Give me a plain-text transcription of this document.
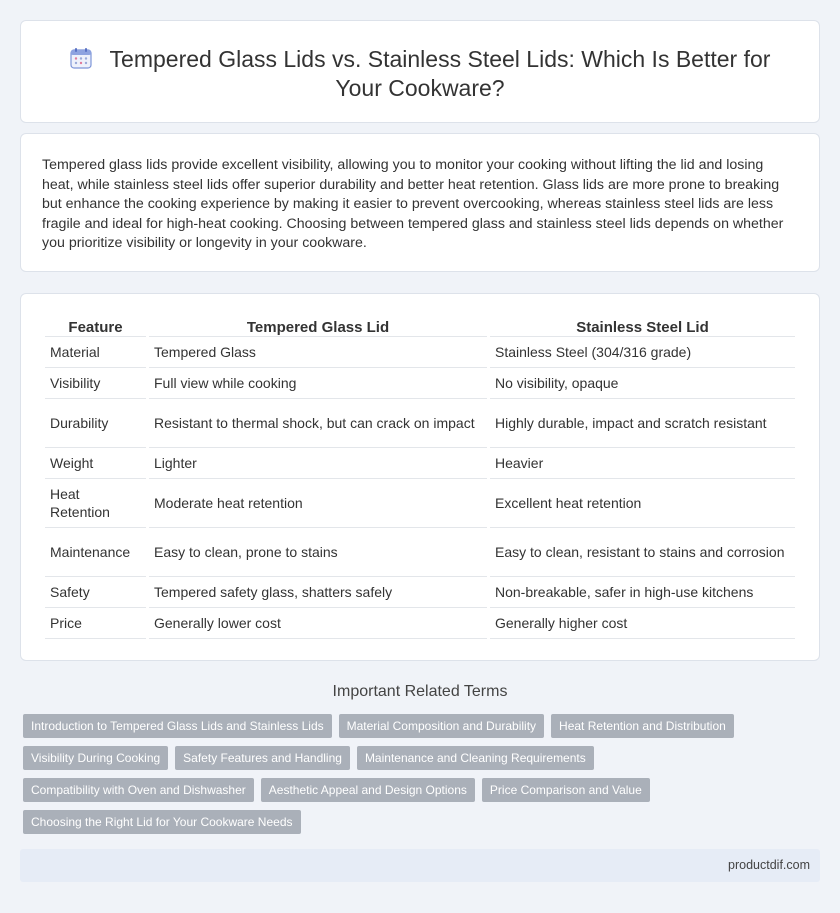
Tempered Glass Lids vs. Stainless Steel Lids: Which Is Better for Your Cookware?

Tempered glass lids provide excellent visibility, allowing you to monitor your cooking without lifting the lid and losing heat, while stainless steel lids offer superior durability and better heat retention. Glass lids are more prone to breaking but enhance the cooking experience by making it easier to prevent overcooking, whereas stainless steel lids are less fragile and ideal for high-heat cooking. Choosing between tempered glass and stainless steel lids depends on whether you prioritize visibility or longevity in your cookware.

Feature	Tempered Glass Lid	Stainless Steel Lid
Material	Tempered Glass	Stainless Steel (304/316 grade)
Visibility	Full view while cooking	No visibility, opaque
Durability	Resistant to thermal shock, but can crack on impact	Highly durable, impact and scratch resistant
Weight	Lighter	Heavier
Heat Retention	Moderate heat retention	Excellent heat retention
Maintenance	Easy to clean, prone to stains	Easy to clean, resistant to stains and corrosion
Safety	Tempered safety glass, shatters safely	Non-breakable, safer in high-use kitchens
Price	Generally lower cost	Generally higher cost
Important Related Terms
Introduction to Tempered Glass Lids and Stainless Lids	Material Composition and Durability	Heat Retention and Distribution
Visibility During Cooking	Safety Features and Handling	Maintenance and Cleaning Requirements
Compatibility with Oven and Dishwasher	Aesthetic Appeal and Design Options	Price Comparison and Value
Choosing the Right Lid for Your Cookware Needs
productdif.com
